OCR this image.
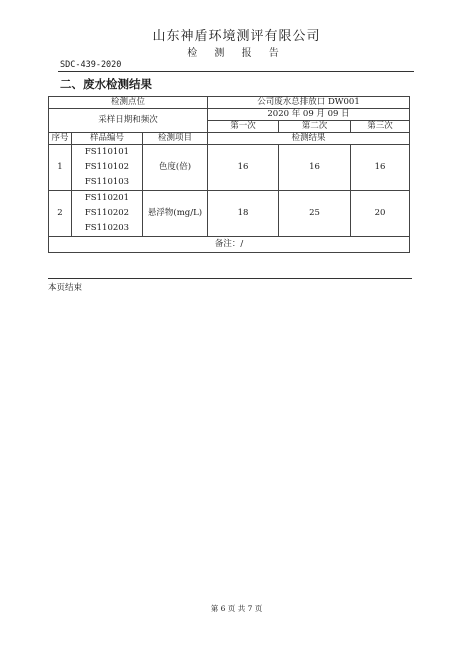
山东神盾环境测评有限公司
检 测 报 告
SDC-439-2020
二、废水检测结果
检测点位			公司废水总排放口 DW001		
采样日期和频次			2020 年 09 月 09 日		
			第一次	第二次	第三次
序号	样品编号	检测项目	检测结果		
1	FS110101
FS110102
FS110103	色度(倍)	16	16	16
2	FS110201
FS110202
FS110203	悬浮物(mg/L)	18	25	20
备注：/					
本页结束
第 6 页 共 7 页
